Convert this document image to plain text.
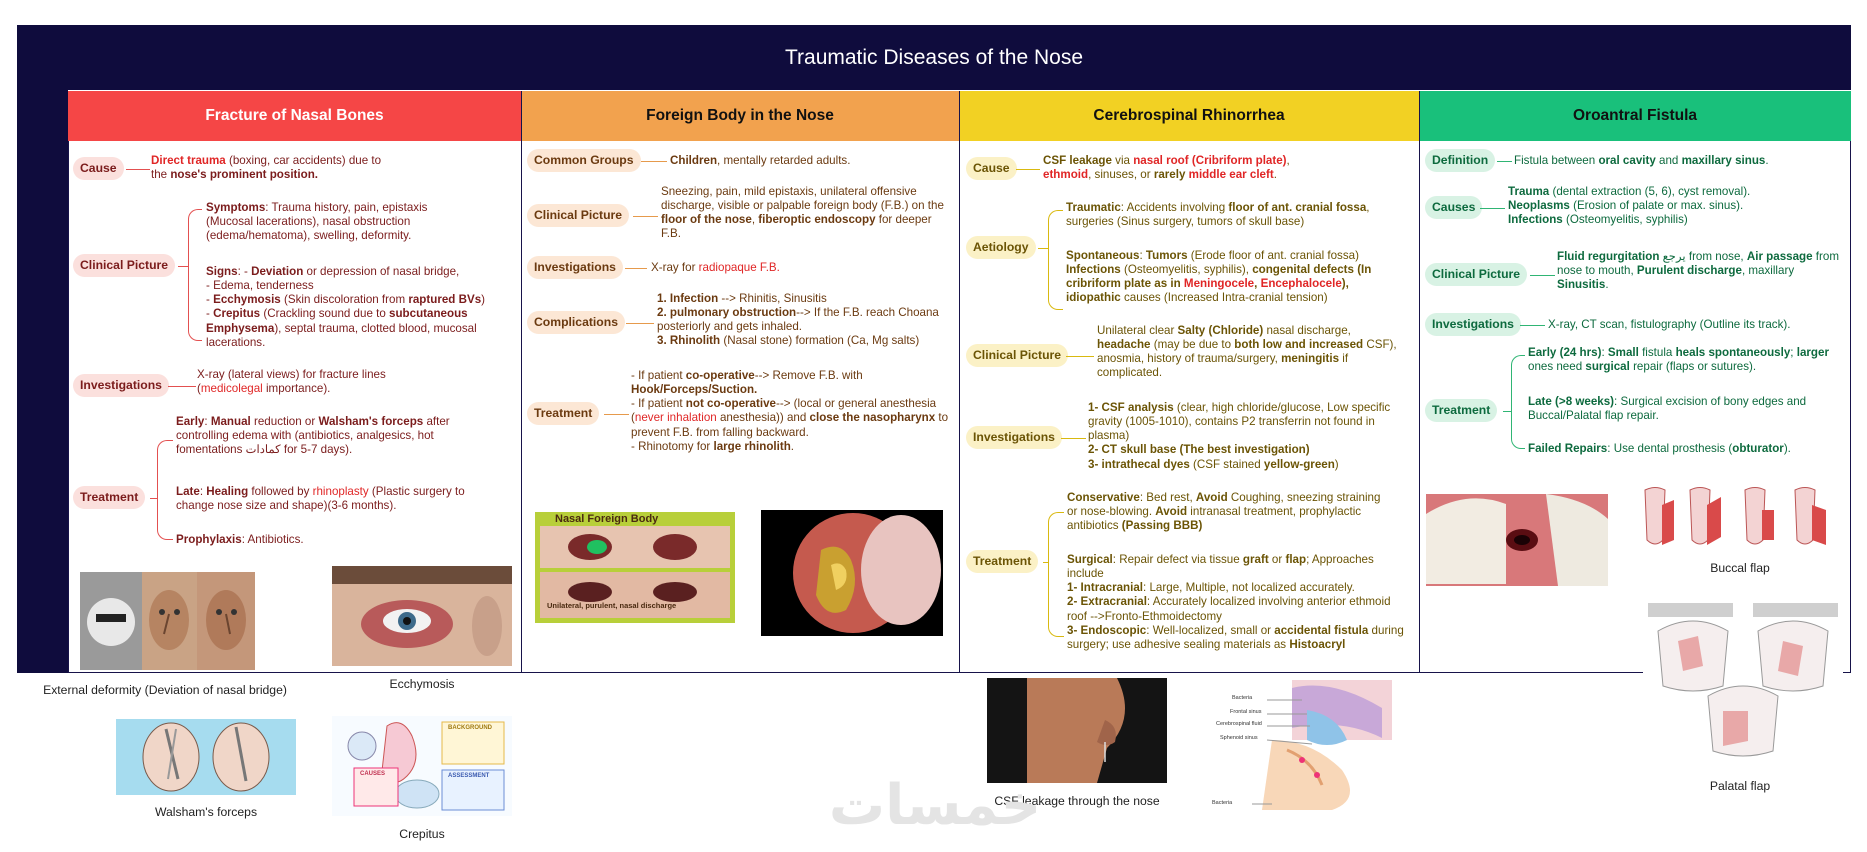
Traumatic Diseases of the Nose
Fracture of Nasal Bones	Foreign Body in the Nose	Cerebrospinal Rhinorrhea	Oroantral Fistula
Cause
Direct trauma (boxing, car accidents) due to
the nose's prominent position.
Clinical Picture
Symptoms: Trauma history, pain, epistaxis (Mucosal lacerations), nasal obstruction (edema/hematoma), swelling, deformity.
Signs: - Deviation or depression of nasal bridge,
- Edema, tenderness
- Ecchymosis (Skin discoloration from raptured BVs)
- Crepitus (Crackling sound due to subcutaneous Emphysema), septal trauma, clotted blood, mucosal lacerations.
Investigations
X-ray (lateral views) for fracture lines (medicolegal importance).
Treatment
Early: Manual reduction or Walsham's forceps after controlling edema with (antibiotics, analgesics, hot fomentations كمادات for 5-7 days).
Late: Healing followed by rhinoplasty (Plastic surgery to change nose size and shape)(3-6 months).
Prophylaxis: Antibiotics.
External deformity (Deviation of nasal bridge)	Ecchymosis
Walsham's forceps
BACKGROUND
ASSESSMENT
CAUSES
Crepitus
Common Groups	Children, mentally retarded adults.
Clinical Picture
Sneezing, pain, mild epistaxis, unilateral offensive discharge, visible or palpable foreign body (F.B.) on the floor of the nose, fiberoptic endoscopy for deeper F.B.
Investigations	X-ray for radiopaque F.B.
Complications
1. Infection --> Rhinitis, Sinusitis
2. pulmonary obstruction--> If the F.B. reach Choana posteriorly and gets inhaled.
3. Rhinolith (Nasal stone) formation (Ca, Mg salts)
Treatment
- If patient co-operative--> Remove F.B. with Hook/Forceps/Suction.
- If patient not co-operative--> (local or general anesthesia (never inhalation anesthesia)) and close the nasopharynx to prevent F.B. from falling backward.
- Rhinotomy for large rhinolith.
Nasal Foreign Body
Unilateral, purulent, nasal discharge
Cause
CSF leakage via nasal roof (Cribriform plate),
ethmoid, sinuses, or rarely middle ear cleft.
Aetiology
Traumatic: Accidents involving floor of ant. cranial fossa, surgeries (Sinus surgery, tumors of skull base)
Spontaneous: Tumors (Erode floor of ant. cranial fossa)
Infections (Osteomyelitis, syphilis), congenital defects (In cribriform plate as in Meningocele, Encephalocele),
idiopathic causes (Increased Intra-cranial tension)
Clinical Picture
Unilateral clear Salty (Chloride) nasal discharge, headache (may be due to both low and increased CSF), anosmia, history of trauma/surgery, meningitis if complicated.
Investigations
1- CSF analysis (clear, high chloride/glucose, Low specific gravity (1005-1010), contains P2 transferrin not found in plasma)
2- CT skull base (The best investigation)
3- intrathecal dyes (CSF stained yellow-green)
Treatment
Conservative: Bed rest, Avoid Coughing, sneezing straining or nose-blowing. Avoid intranasal treatment, prophylactic antibiotics (Passing BBB)
Surgical: Repair defect via tissue graft or flap; Approaches include
1- Intracranial: Large, Multiple, not localized accurately.
2- Extracranial: Accurately localized involving anterior ethmoid roof -->Fronto-Ethmoidectomy
3- Endoscopic: Well-localized, small or accidental fistula during surgery; use adhesive sealing materials as Histoacryl
CSF leakage through the nose
Bacteria
Frontal sinus
Cerebrospinal fluid
Sphenoid sinus
Bacteria
Definition	Fistula between oral cavity and maxillary sinus.
Causes
Trauma (dental extraction (5, 6), cyst removal).
Neoplasms (Erosion of palate or max. sinus).
Infections (Osteomyelitis, syphilis)
Clinical Picture
Fluid regurgitation يرجع from nose, Air passage from nose to mouth, Purulent discharge, maxillary Sinusitis.
Investigations	X-ray, CT scan, fistulography (Outline its track).
Treatment
Early (24 hrs): Small fistula heals spontaneously; larger ones need surgical repair (flaps or sutures).
Late (>8 weeks): Surgical excision of bony edges and Buccal/Palatal flap repair.
Failed Repairs: Use dental prosthesis (obturator).
Buccal flap
Palatal flap
خمسات
